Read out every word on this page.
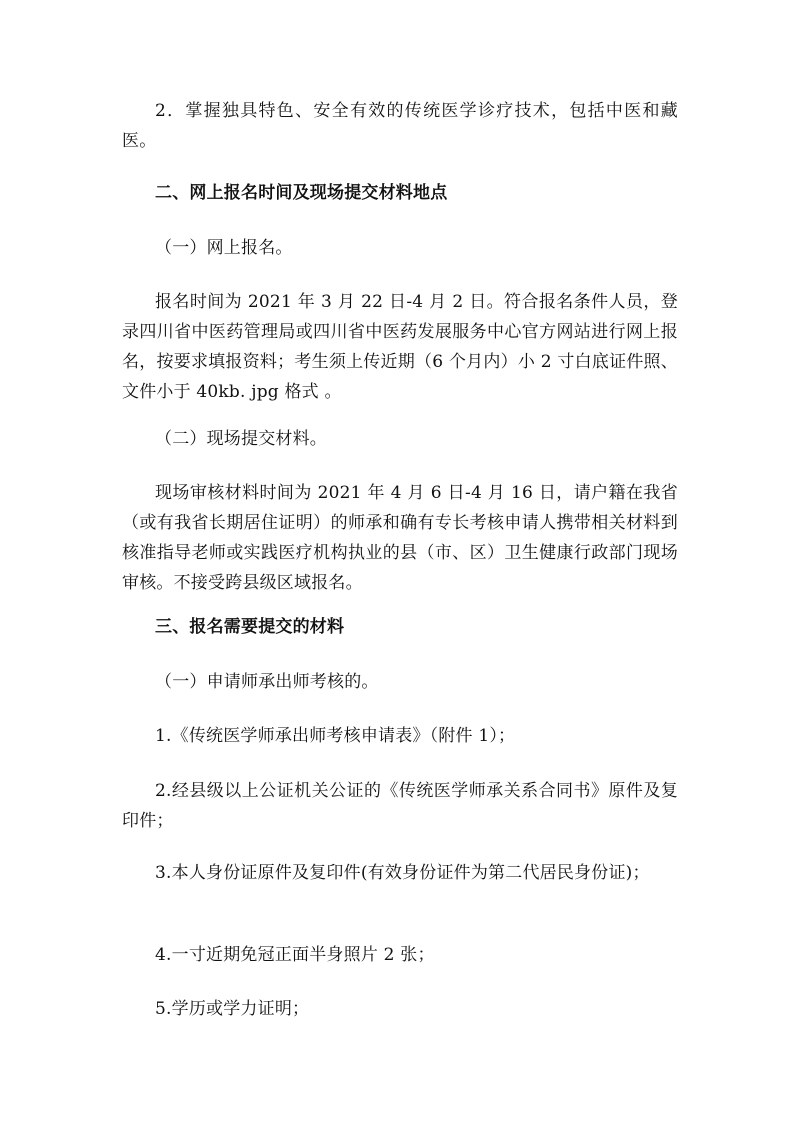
2．掌握独具特色、安全有效的传统医学诊疗技术，包括中医和藏医。

二、网上报名时间及现场提交材料地点

（一）网上报名。

报名时间为 2021 年 3 月 22 日-4 月 2 日。符合报名条件人员，登录四川省中医药管理局或四川省中医药发展服务中心官方网站进行网上报名，按要求填报资料；考生须上传近期（6 个月内）小 2 寸白底证件照、文件小于 40kb. jpg 格式 。

（二）现场提交材料。

现场审核材料时间为 2021 年 4 月 6 日-4 月 16 日，请户籍在我省（或有我省长期居住证明）的师承和确有专长考核申请人携带相关材料到核准指导老师或实践医疗机构执业的县（市、区）卫生健康行政部门现场审核。不接受跨县级区域报名。

三、报名需要提交的材料

（一）申请师承出师考核的。

1.《传统医学师承出师考核申请表》（附件 1）；

2.经县级以上公证机关公证的《传统医学师承关系合同书》原件及复印件；

3.本人身份证原件及复印件(有效身份证件为第二代居民身份证)；

4.一寸近期免冠正面半身照片 2 张；

5.学历或学力证明；
